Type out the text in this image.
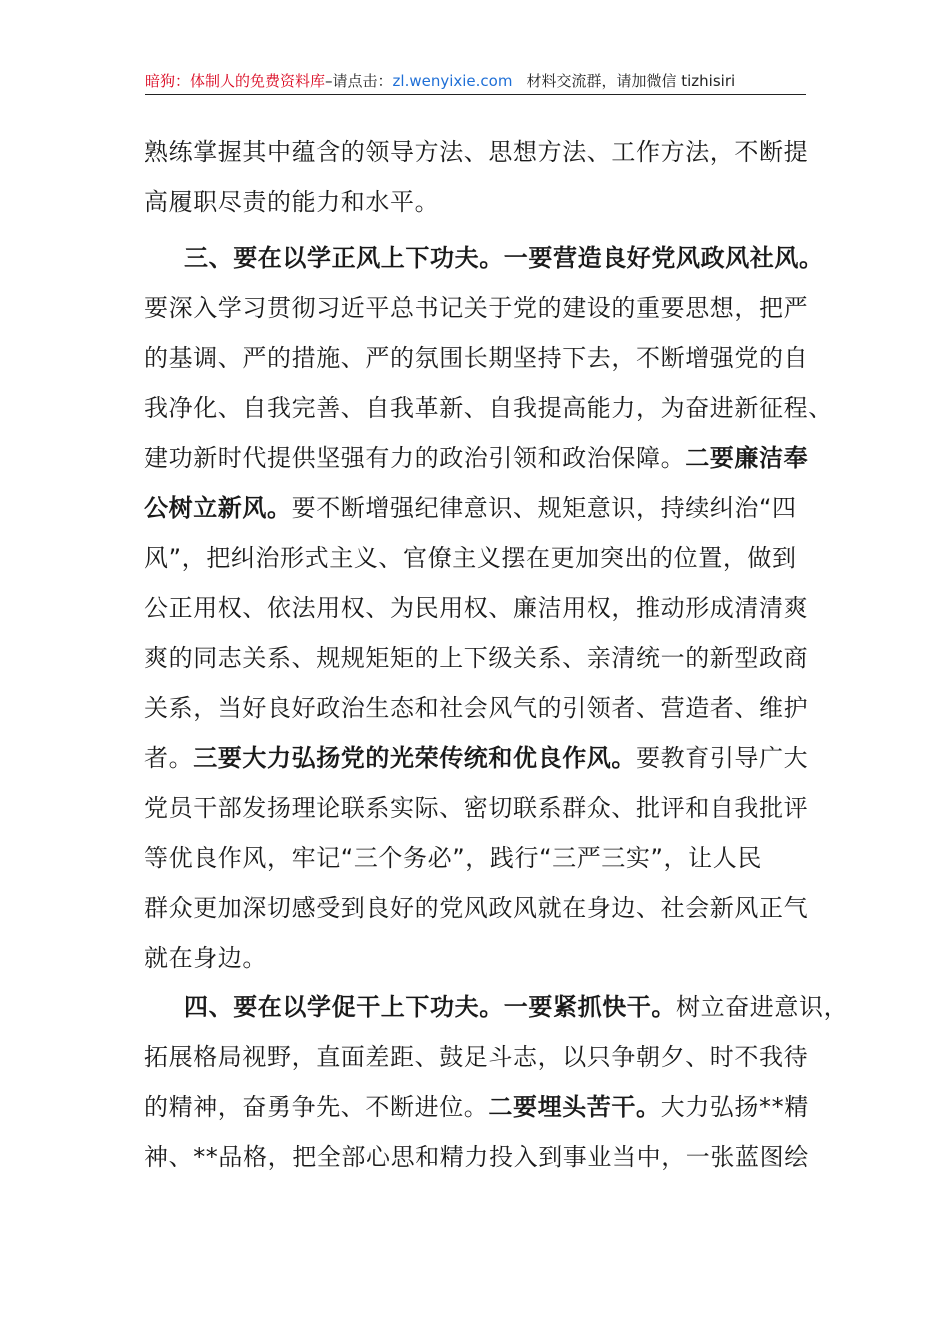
暗狗：体制人的免费资料库–请点击：zl.wenyixie.com 材料交流群，请加微信 tizhisiri
熟练掌握其中蕴含的领导方法、思想方法、工作方法，不断提
高履职尽责的能力和水平。
三、要在以学正风上下功夫。一要营造良好党风政风社风。
要深入学习贯彻习近平总书记关于党的建设的重要思想，把严
的基调、严的措施、严的氛围长期坚持下去，不断增强党的自
我净化、自我完善、自我革新、自我提高能力，为奋进新征程、
建功新时代提供坚强有力的政治引领和政治保障。二要廉洁奉
公树立新风。要不断增强纪律意识、规矩意识，持续纠治“四
风”，把纠治形式主义、官僚主义摆在更加突出的位置，做到
公正用权、依法用权、为民用权、廉洁用权，推动形成清清爽
爽的同志关系、规规矩矩的上下级关系、亲清统一的新型政商
关系，当好良好政治生态和社会风气的引领者、营造者、维护
者。三要大力弘扬党的光荣传统和优良作风。要教育引导广大
党员干部发扬理论联系实际、密切联系群众、批评和自我批评
等优良作风，牢记“三个务必”，践行“三严三实”，让人民
群众更加深切感受到良好的党风政风就在身边、社会新风正气
就在身边。
四、要在以学促干上下功夫。一要紧抓快干。树立奋进意识，
拓展格局视野，直面差距、鼓足斗志，以只争朝夕、时不我待
的精神，奋勇争先、不断进位。二要埋头苦干。大力弘扬**精
神、**品格，把全部心思和精力投入到事业当中，一张蓝图绘
